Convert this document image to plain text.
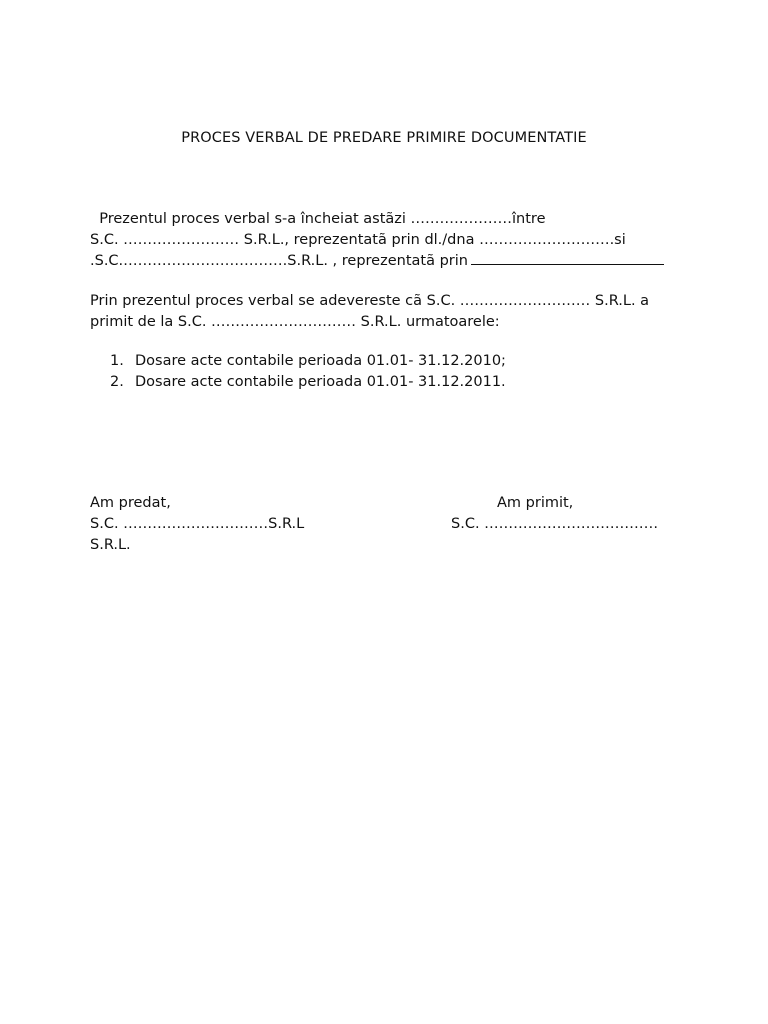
PROCES VERBAL DE PREDARE PRIMIRE DOCUMENTATIE
Prezentul proces verbal s-a încheiat astãzi …………………între
S.C. …………………… S.R.L., reprezentatã prin dl./dna ……………………….si
.S.C.…………………………….S.R.L. , reprezentatã prin
Prin prezentul proces verbal se adevereste cã S.C. ……………………… S.R.L. a
primit de la S.C. ………………………… S.R.L. urmatoarele:
1. Dosare acte contabile perioada 01.01- 31.12.2010;
2. Dosare acte contabile perioada 01.01- 31.12.2011.
Am predat,
S.C. …………………………S.R.L
Am primit,
S.C. ………………………………
S.R.L.
